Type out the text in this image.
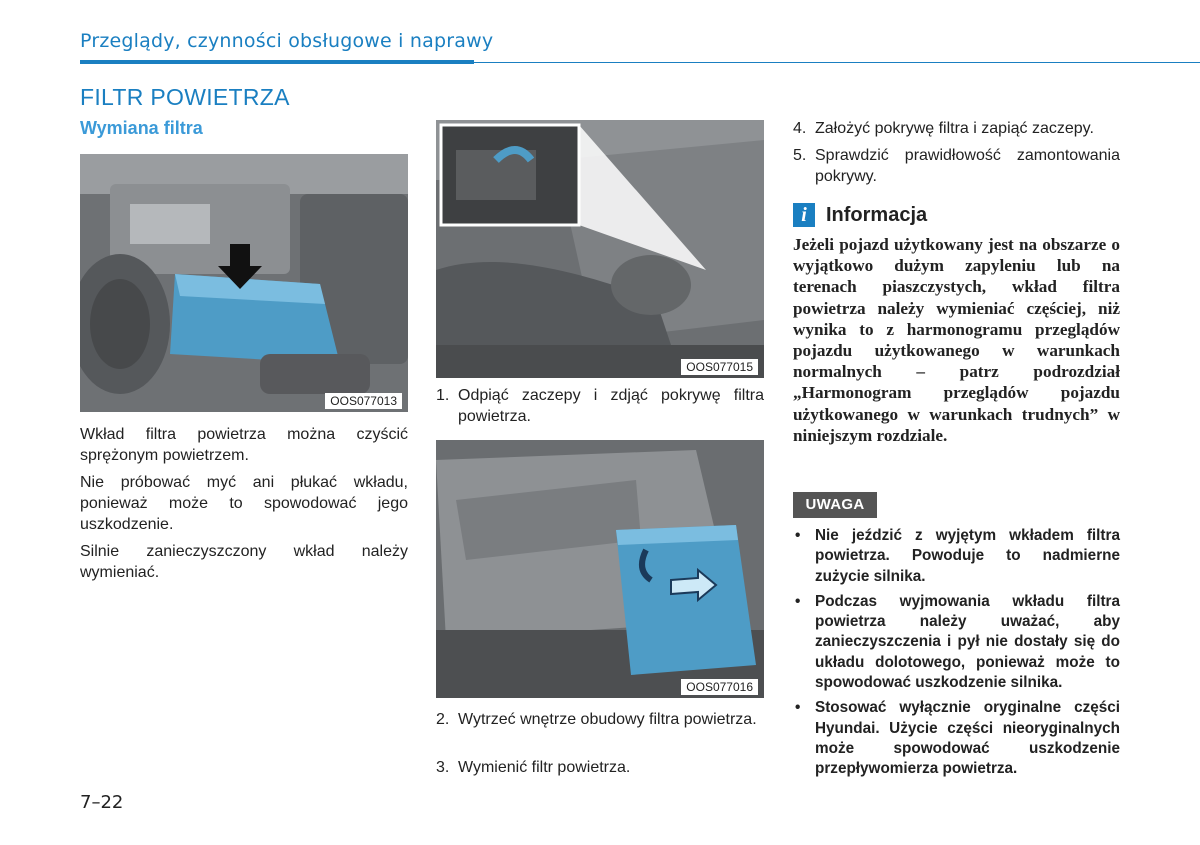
Przeglądy, czynności obsługowe i naprawy
FILTR POWIETRZA
Wymiana filtra
OOS077013
Wkład filtra powietrza można czyścić sprężonym powietrzem.
Nie próbować myć ani płukać wkładu, ponieważ może to spowodować jego uszkodzenie.
Silnie zanieczyszczony wkład należy wymieniać.
OOS077015
1. Odpiąć zaczepy i zdjąć pokrywę filtra powietrza.
OOS077016
2. Wytrzeć wnętrze obudowy filtra powietrza.
3. Wymienić filtr powietrza.
4. Założyć pokrywę filtra i zapiąć zaczepy.
5. Sprawdzić prawidłowość zamontowania pokrywy.
i Informacja
Jeżeli pojazd użytkowany jest na obszarze o wyjątkowo dużym zapyleniu lub na terenach piaszczystych, wkład filtra powietrza należy wymieniać częściej, niż wynika to z harmonogramu przeglądów pojazdu użytkowanego w warunkach normalnych – patrz podrozdział „Harmonogram przeglądów pojazdu użytkowanego w warunkach trudnych” w niniejszym rozdziale.
UWAGA
• Nie jeździć z wyjętym wkładem filtra powietrza. Powoduje to nadmierne zużycie silnika.
• Podczas wyjmowania wkładu filtra powietrza należy uważać, aby zanieczyszczenia i pył nie dostały się do układu dolotowego, ponieważ może to spowodować uszkodzenie silnika.
• Stosować wyłącznie oryginalne części Hyundai. Użycie części nieoryginalnych może spowodować uszkodzenie przepływomierza powietrza.
7–22
